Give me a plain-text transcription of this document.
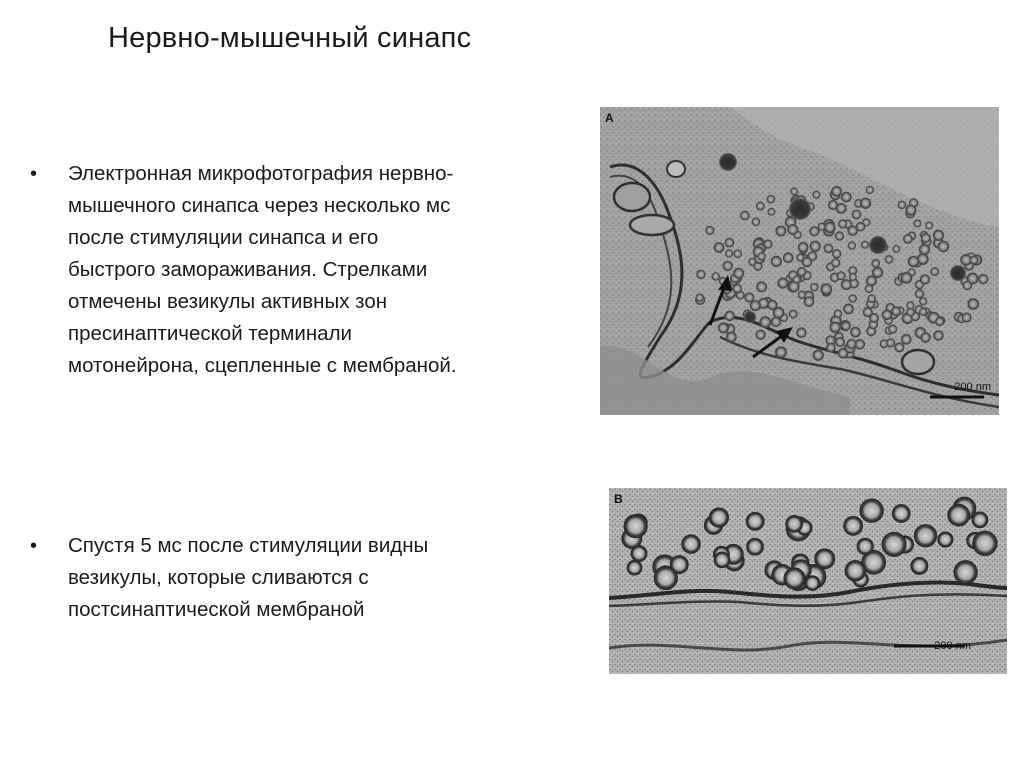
Нервно-мышечный синапс
•	Электронная микрофотография нервно-
мышечного синапса через несколько мс
после стимуляции синапса и его
быстрого замораживания. Стрелками
отмечены везикулы активных зон
пресинаптической терминали
мотонейрона, сцепленные с мембраной.
•	Спустя 5 мс после стимуляции видны
везикулы, которые сливаются с
постсинаптической мембраной
A
200 nm
B
200 nm
